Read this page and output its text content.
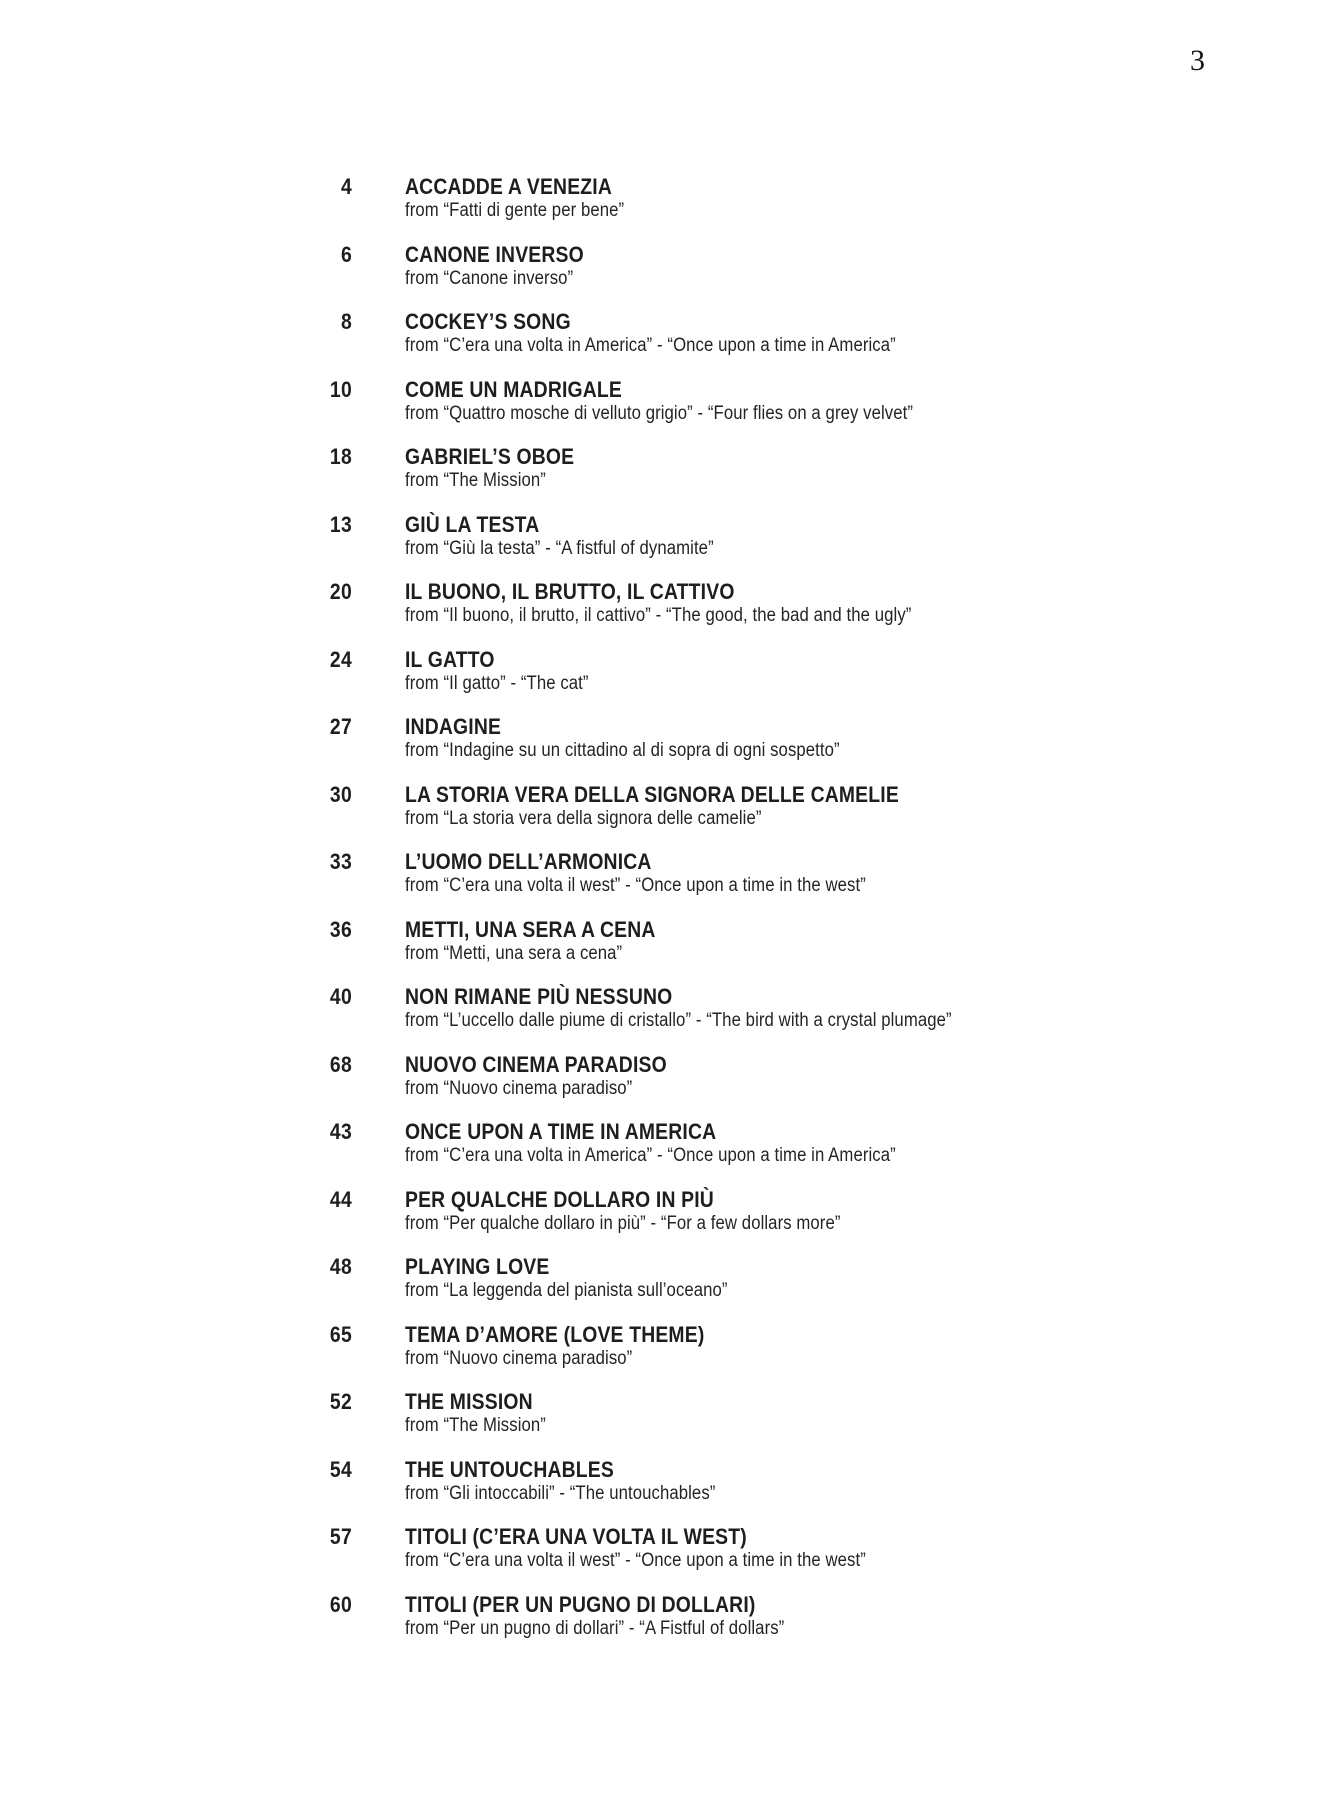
3
4 ACCADDE A VENEZIA
from “Fatti di gente per bene”
6 CANONE INVERSO
from “Canone inverso”
8 COCKEY’S SONG
from “C’era una volta in America” - “Once upon a time in America”
10 COME UN MADRIGALE
from “Quattro mosche di velluto grigio” - “Four flies on a grey velvet”
18 GABRIEL’S OBOE
from “The Mission”
13 GIÙ LA TESTA
from “Giù la testa” - “A fistful of dynamite”
20 IL BUONO, IL BRUTTO, IL CATTIVO
from “Il buono, il brutto, il cattivo” - “The good, the bad and the ugly”
24 IL GATTO
from “Il gatto” - “The cat”
27 INDAGINE
from “Indagine su un cittadino al di sopra di ogni sospetto”
30 LA STORIA VERA DELLA SIGNORA DELLE CAMELIE
from “La storia vera della signora delle camelie”
33 L’UOMO DELL’ARMONICA
from “C’era una volta il west” - “Once upon a time in the west”
36 METTI, UNA SERA A CENA
from “Metti, una sera a cena”
40 NON RIMANE PIÙ NESSUNO
from “L’uccello dalle piume di cristallo” - “The bird with a crystal plumage”
68 NUOVO CINEMA PARADISO
from “Nuovo cinema paradiso”
43 ONCE UPON A TIME IN AMERICA
from “C’era una volta in America” - “Once upon a time in America”
44 PER QUALCHE DOLLARO IN PIÙ
from “Per qualche dollaro in più” - “For a few dollars more”
48 PLAYING LOVE
from “La leggenda del pianista sull’oceano”
65 TEMA D’AMORE (LOVE THEME)
from “Nuovo cinema paradiso”
52 THE MISSION
from “The Mission”
54 THE UNTOUCHABLES
from “Gli intoccabili” - “The untouchables”
57 TITOLI (C’ERA UNA VOLTA IL WEST)
from “C’era una volta il west” - “Once upon a time in the west”
60 TITOLI (PER UN PUGNO DI DOLLARI)
from “Per un pugno di dollari” - “A Fistful of dollars”
